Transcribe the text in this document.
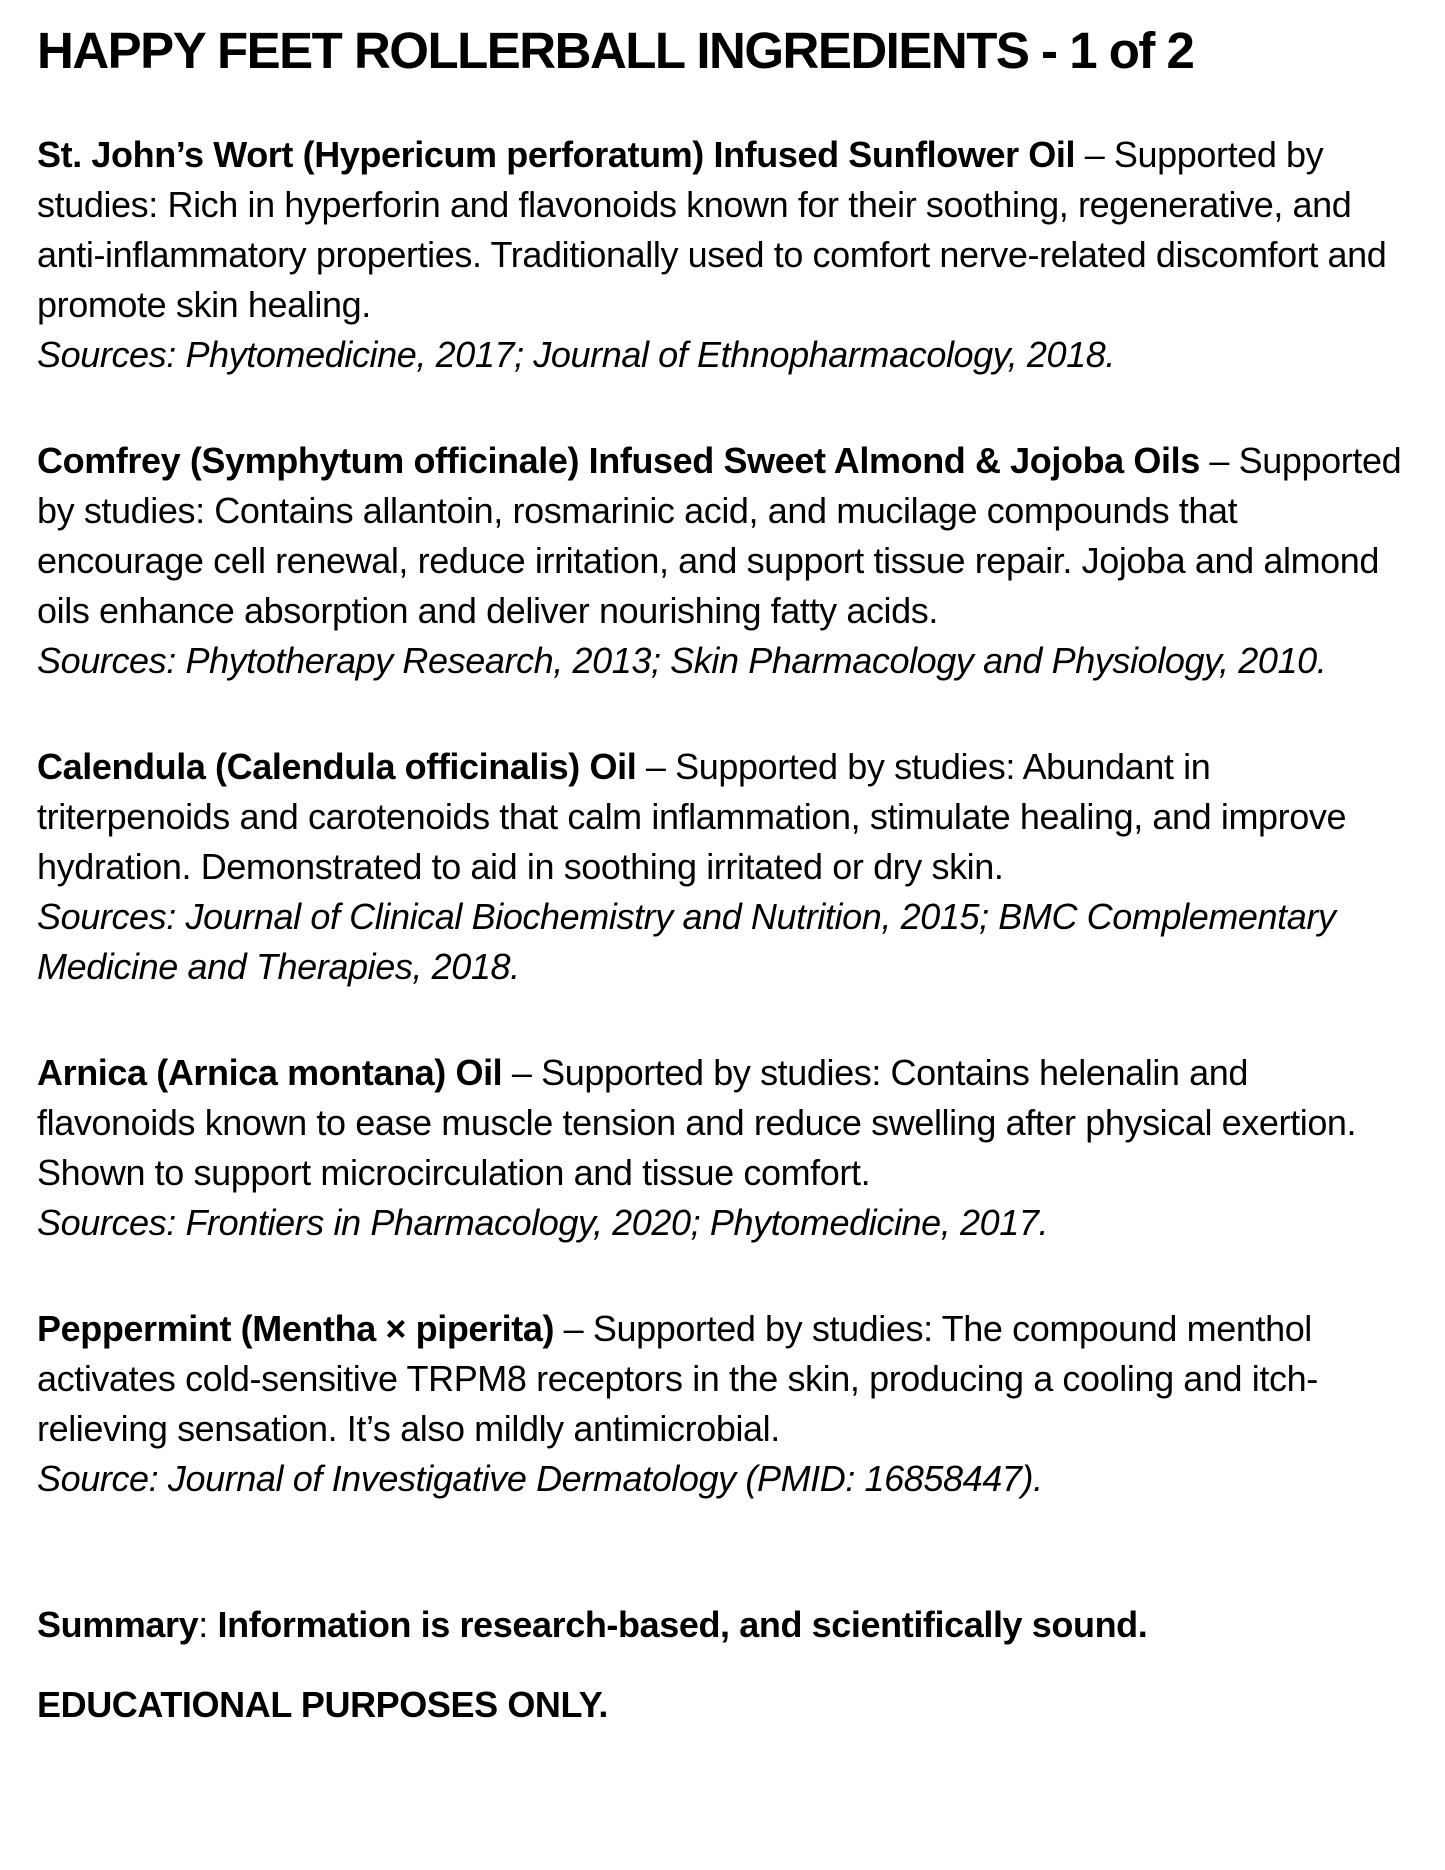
HAPPY FEET ROLLERBALL INGREDIENTS - 1 of 2

St. John’s Wort (Hypericum perforatum) Infused Sunflower Oil – Supported by studies: Rich in hyperforin and flavonoids known for their soothing, regenerative, and anti-inflammatory properties. Traditionally used to comfort nerve-related discomfort and promote skin healing.

Sources: Phytomedicine, 2017; Journal of Ethnopharmacology, 2018.

Comfrey (Symphytum officinale) Infused Sweet Almond & Jojoba Oils – Supported by studies: Contains allantoin, rosmarinic acid, and mucilage compounds that encourage cell renewal, reduce irritation, and support tissue repair. Jojoba and almond oils enhance absorption and deliver nourishing fatty acids.

Sources: Phytotherapy Research, 2013; Skin Pharmacology and Physiology, 2010.

Calendula (Calendula officinalis) Oil – Supported by studies: Abundant in triterpenoids and carotenoids that calm inflammation, stimulate healing, and improve hydration. Demonstrated to aid in soothing irritated or dry skin.

Sources: Journal of Clinical Biochemistry and Nutrition, 2015; BMC Complementary Medicine and Therapies, 2018.

Arnica (Arnica montana) Oil – Supported by studies: Contains helenalin and flavonoids known to ease muscle tension and reduce swelling after physical exertion. Shown to support microcirculation and tissue comfort.

Sources: Frontiers in Pharmacology, 2020; Phytomedicine, 2017.

Peppermint (Mentha × piperita) – Supported by studies: The compound menthol activates cold-sensitive TRPM8 receptors in the skin, producing a cooling and itch-relieving sensation. It’s also mildly antimicrobial.

Source: Journal of Investigative Dermatology (PMID: 16858447).

Summary: Information is research-based, and scientifically sound.

EDUCATIONAL PURPOSES ONLY.
